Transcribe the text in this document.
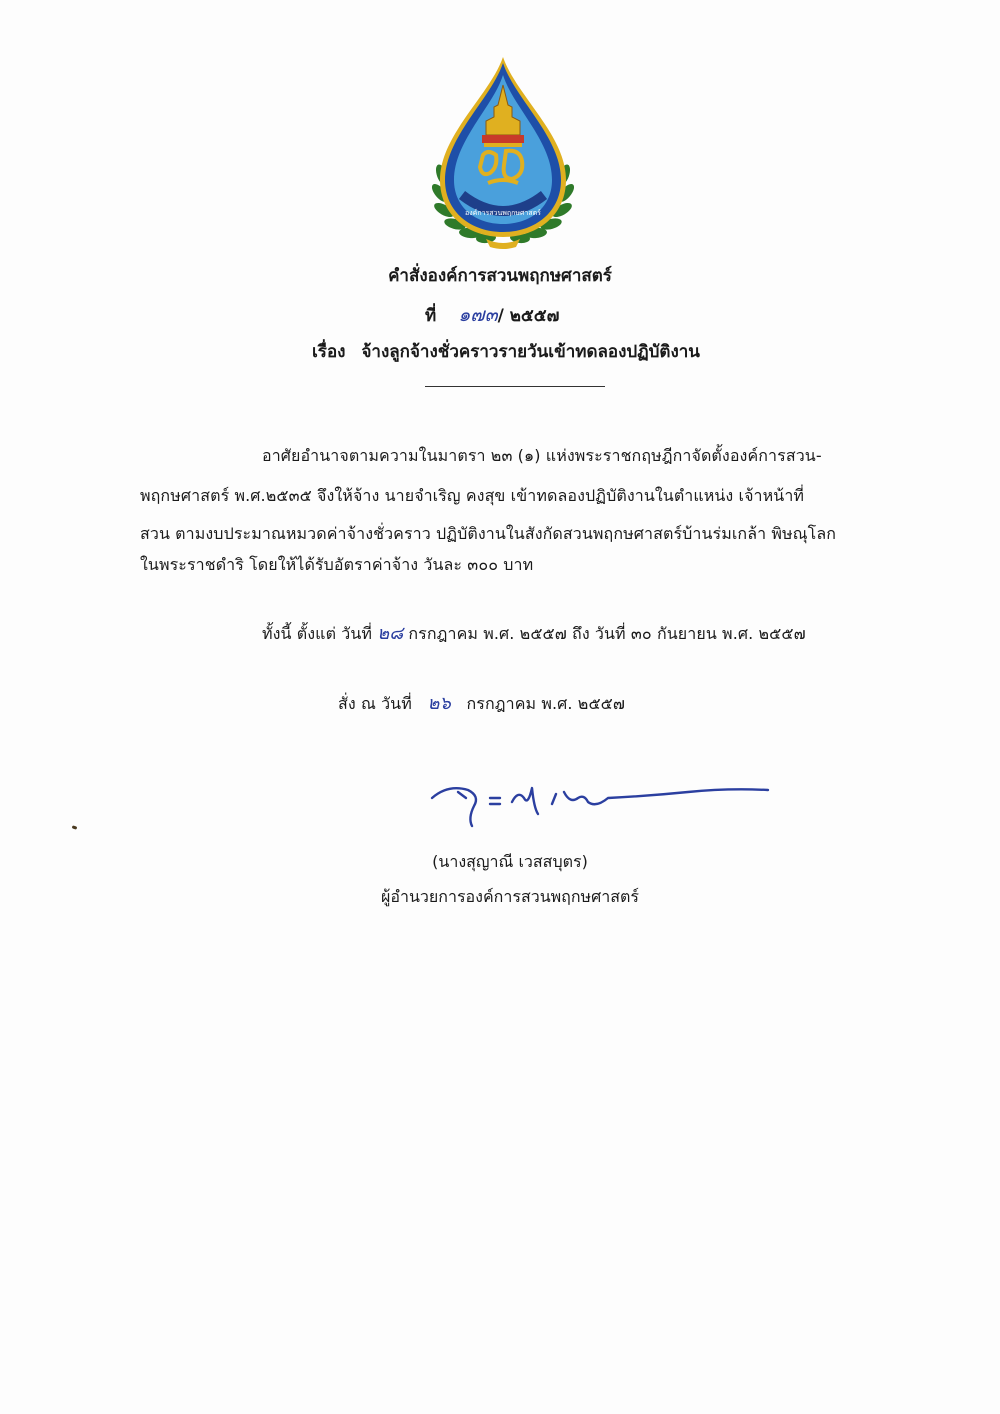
องค์การสวนพฤกษศาสตร์
คำสั่งองค์การสวนพฤกษศาสตร์
ที่ ๑๗๓/ ๒๕๕๗
เรื่อง จ้างลูกจ้างชั่วคราวรายวันเข้าทดลองปฏิบัติงาน
อาศัยอำนาจตามความในมาตรา ๒๓ (๑) แห่งพระราชกฤษฎีกาจัดตั้งองค์การสวน-
พฤกษศาสตร์ พ.ศ.๒๕๓๕ จึงให้จ้าง นายจำเริญ คงสุข เข้าทดลองปฏิบัติงานในตำแหน่ง เจ้าหน้าที่
สวน ตามงบประมาณหมวดค่าจ้างชั่วคราว ปฏิบัติงานในสังกัดสวนพฤกษศาสตร์บ้านร่มเกล้า พิษณุโลก
ในพระราชดำริ โดยให้ได้รับอัตราค่าจ้าง วันละ ๓๐๐ บาท
ทั้งนี้ ตั้งแต่ วันที่ ๒๘ กรกฎาคม พ.ศ. ๒๕๕๗ ถึง วันที่ ๓๐ กันยายน พ.ศ. ๒๕๕๗
สั่ง ณ วันที่ ๒๖ กรกฎาคม พ.ศ. ๒๕๕๗
(นางสุญาณี เวสสบุตร)
ผู้อำนวยการองค์การสวนพฤกษศาสตร์
